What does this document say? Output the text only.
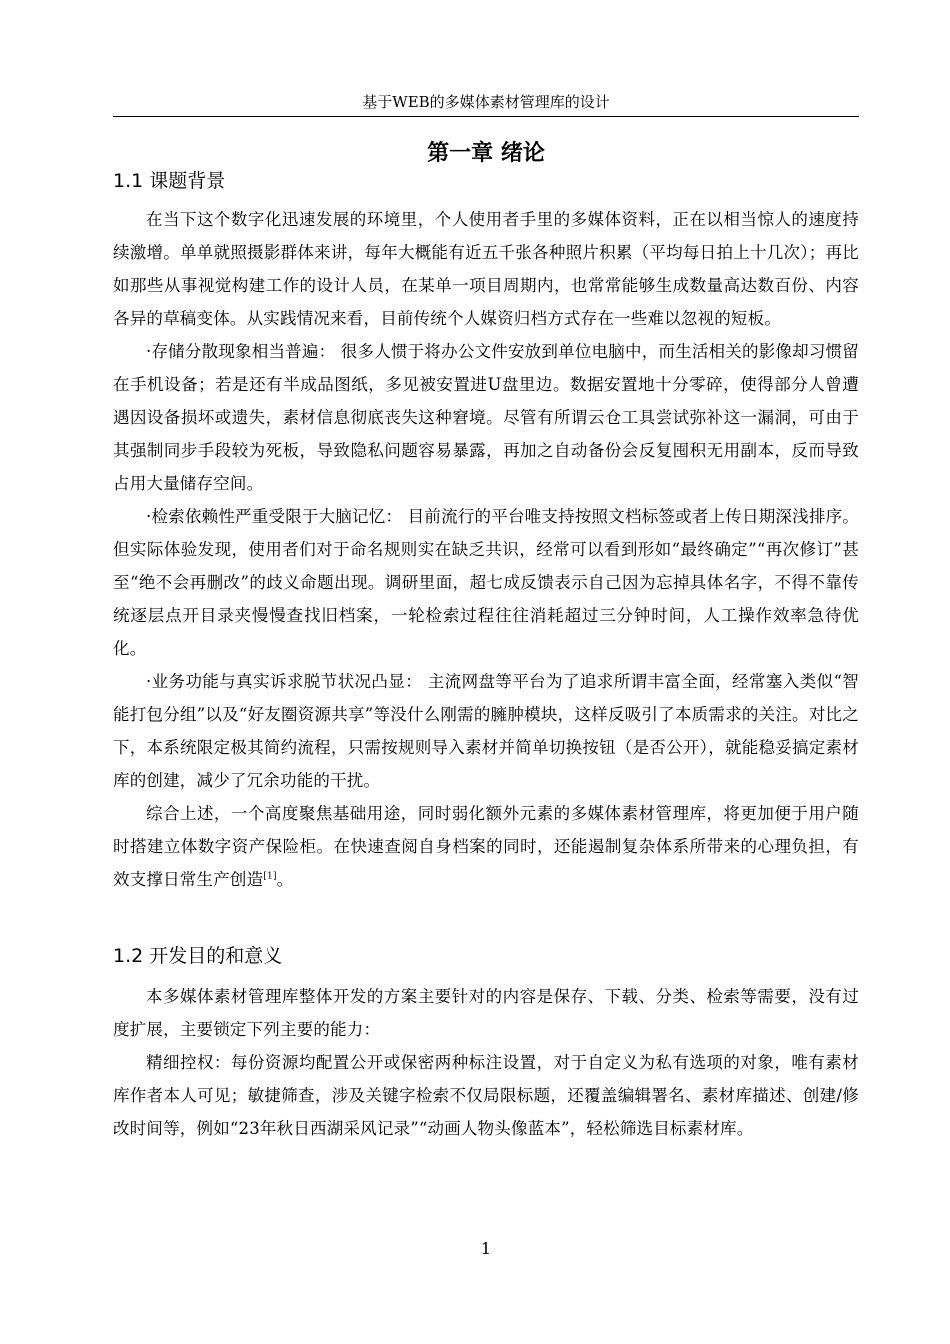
基于WEB的多媒体素材管理库的设计
第一章 绪论
1.1 课题背景

在当下这个数字化迅速发展的环境里，个人使用者手里的多媒体资料，正在以相当惊人的速度持续激增。单单就照摄影群体来讲，每年大概能有近五千张各种照片积累（平均每日拍上十几次）；再比如那些从事视觉构建工作的设计人员，在某单一项目周期内，也常常能够生成数量高达数百份、内容各异的草稿变体。从实践情况来看，目前传统个人媒资归档方式存在一些难以忽视的短板。

·存储分散现象相当普遍： 很多人惯于将办公文件安放到单位电脑中，而生活相关的影像却习惯留在手机设备；若是还有半成品图纸，多见被安置进U盘里边。数据安置地十分零碎，使得部分人曾遭遇因设备损坏或遗失，素材信息彻底丧失这种窘境。尽管有所谓云仓工具尝试弥补这一漏洞，可由于其强制同步手段较为死板，导致隐私问题容易暴露，再加之自动备份会反复囤积无用副本，反而导致占用大量储存空间。

·检索依赖性严重受限于大脑记忆： 目前流行的平台唯支持按照文档标签或者上传日期深浅排序。但实际体验发现，使用者们对于命名规则实在缺乏共识，经常可以看到形如“最终确定”“再次修订”甚至“绝不会再删改”的歧义命题出现。调研里面，超七成反馈表示自己因为忘掉具体名字，不得不靠传统逐层点开目录夹慢慢查找旧档案，一轮检索过程往往消耗超过三分钟时间，人工操作效率急待优化。

·业务功能与真实诉求脱节状况凸显： 主流网盘等平台为了追求所谓丰富全面，经常塞入类似“智能打包分组”以及“好友圈资源共享”等没什么刚需的臃肿模块，这样反吸引了本质需求的关注。对比之下，本系统限定极其简约流程，只需按规则导入素材并简单切换按钮（是否公开），就能稳妥搞定素材库的创建，减少了冗余功能的干扰。

综合上述，一个高度聚焦基础用途，同时弱化额外元素的多媒体素材管理库，将更加便于用户随时搭建立体数字资产保险柜。在快速查阅自身档案的同时，还能遏制复杂体系所带来的心理负担，有效支撑日常生产创造[1]。

1.2 开发目的和意义

本多媒体素材管理库整体开发的方案主要针对的内容是保存、下载、分类、检索等需要，没有过度扩展，主要锁定下列主要的能力：

精细控权：每份资源均配置公开或保密两种标注设置，对于自定义为私有选项的对象，唯有素材库作者本人可见；敏捷筛查，涉及关键字检索不仅局限标题，还覆盖编辑署名、素材库描述、创建/修改时间等，例如“23年秋日西湖采风记录”“动画人物头像蓝本”，轻松筛选目标素材库。

1
